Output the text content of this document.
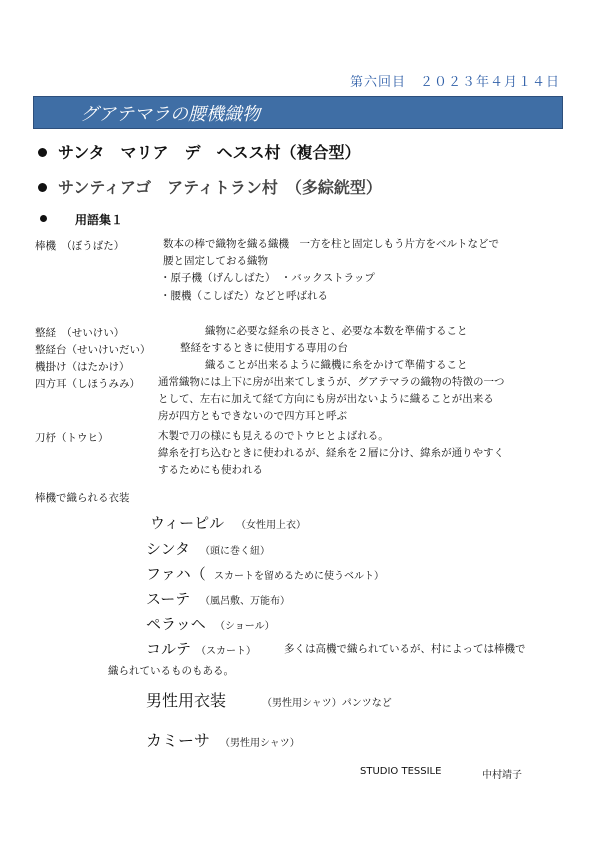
第六回目　２０２３年４月１４日
グアテマラの腰機織物
サンタ　マリア　デ　ヘスス村（複合型）
サンティアゴ　アティトラン村　（多綜絖型）
用語集１
棒機　（ぼうばた）	数本の棒で織物を織る織機　一方を柱と固定しもう片方をベルトなどで
腰と固定しておる織物
・原子機（げんしばた）　・バックストラップ
・腰機（こしばた）などと呼ばれる
整経　（せいけい）	織物に必要な経糸の長さと、必要な本数を準備すること
整経台（せいけいだい）	整経をするときに使用する専用の台
機掛け（はたかけ）	織ることが出来るように織機に糸をかけて準備すること
四方耳（しほうみみ） 通常織物には上下に房が出来てしまうが、グアテマラの織物の特徴の一つ
として、左右に加えて経て方向にも房が出ないように織ることが出来る
房が四方ともできないので四方耳と呼ぶ
刀杼（トウヒ）	木製で刀の様にも見えるのでトウヒとよばれる。
緯糸を打ち込むときに使われるが、経糸を２層に分け、緯糸が通りやすく
するためにも使われる
棒機で織られる衣装
ウィーピル （女性用上衣）
シンタ （頭に巻く紐）
ファハ（ スカートを留めるために使うベルト）
スーテ （風呂敷、万能布）
ペラッヘ （ショール）
コルテ （スカート）	多くは高機で織られているが、村によっては棒機で
織られているものもある。
男性用衣装	（男性用シャツ）パンツなど
カミーサ （男性用シャツ）
STUDIO TESSILE	中村靖子
